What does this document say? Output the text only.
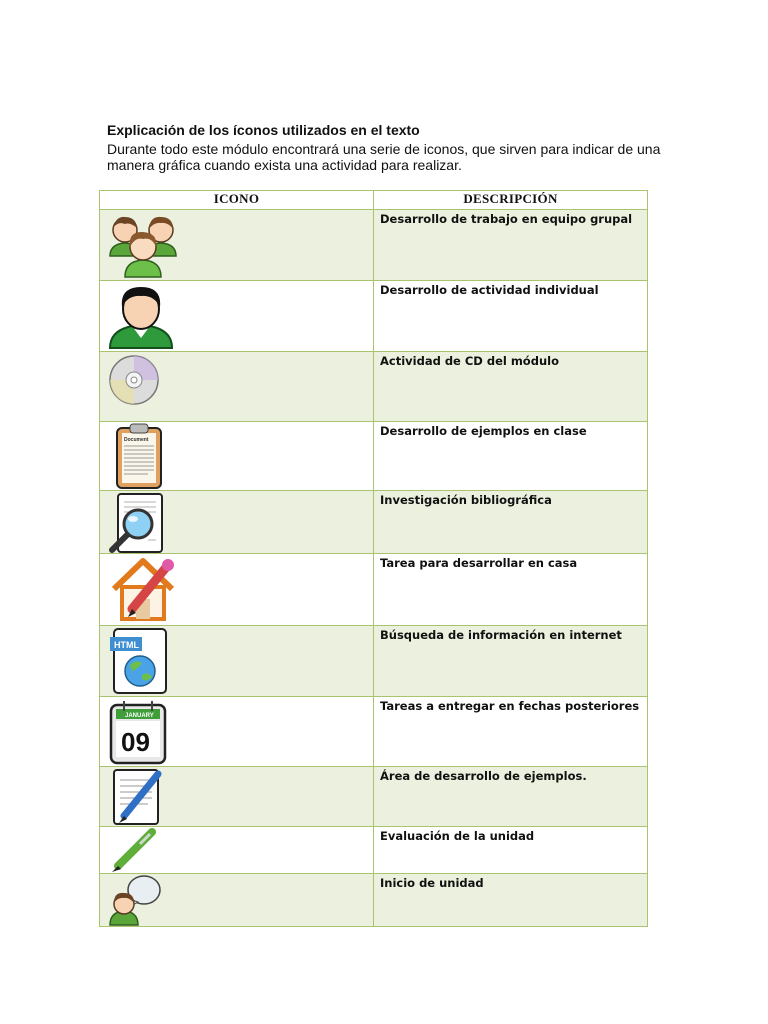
Explicación de los íconos utilizados en el texto
Durante todo este módulo encontrará una serie de iconos, que sirven para indicar de una manera gráfica cuando exista una actividad para realizar.
ICONO	DESCRIPCIÓN

	Desarrollo de trabajo en equipo grupal

	Desarrollo de actividad individual

	Actividad de CD del módulo

Document	Desarrollo de ejemplos en clase

	Investigación bibliográfica

	Tarea para desarrollar en casa

HTML	Búsqueda de información en internet

JANUARY
09	Tareas a entregar en fechas posteriores

	Área de desarrollo de ejemplos.

	Evaluación de la unidad

	Inicio de unidad
